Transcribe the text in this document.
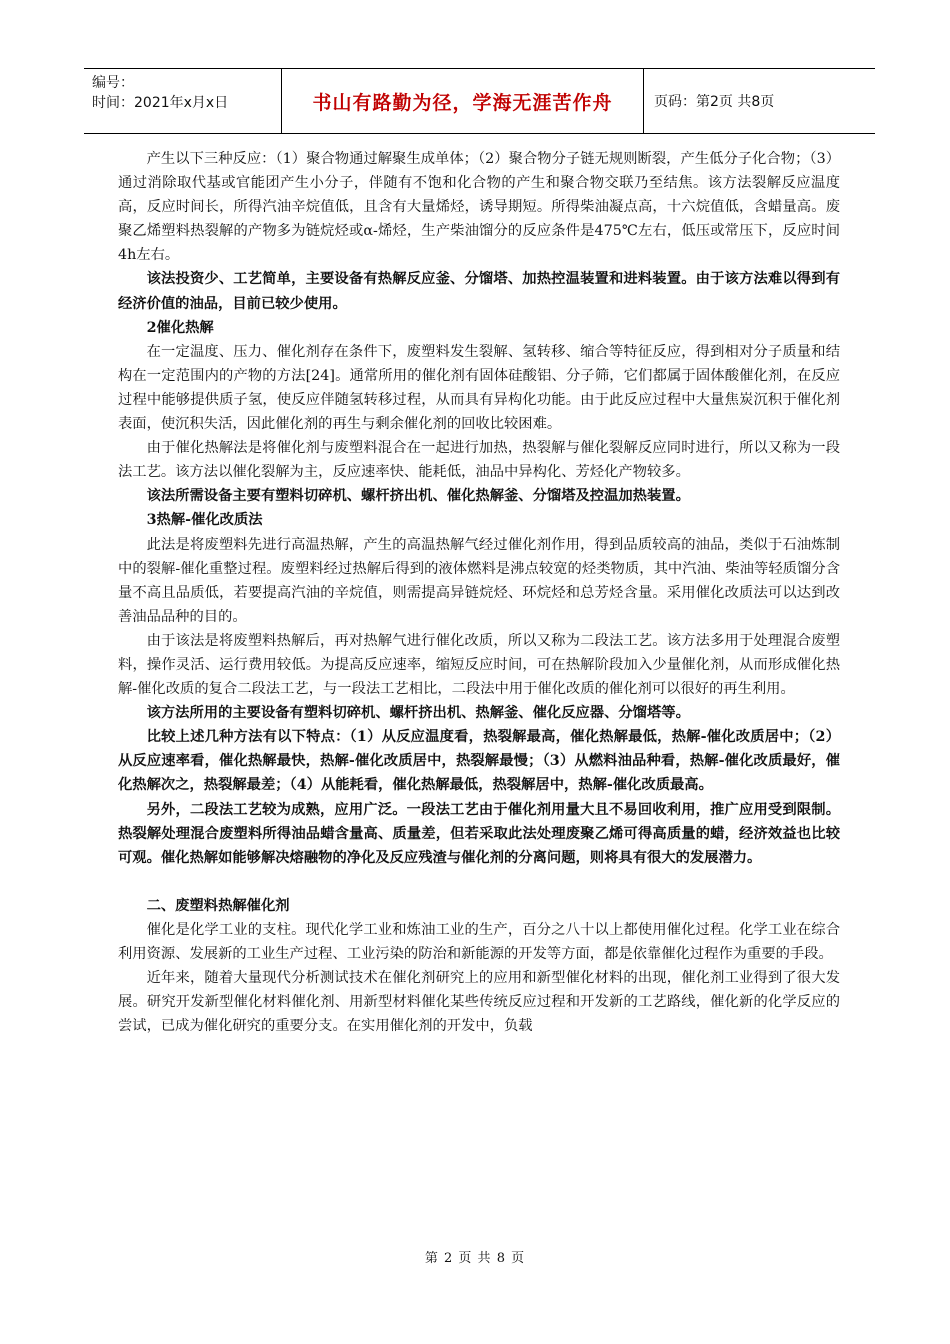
编号：
时间：2021年x月x日	书山有路勤为径，学海无涯苦作舟	页码：第2页 共8页

产生以下三种反应：（1）聚合物通过解聚生成单体；（2）聚合物分子链无规则断裂，产生低分子化合物；（3）通过消除取代基或官能团产生小分子，伴随有不饱和化合物的产生和聚合物交联乃至结焦。该方法裂解反应温度高，反应时间长，所得汽油辛烷值低，且含有大量烯烃，诱导期短。所得柴油凝点高，十六烷值低，含蜡量高。废聚乙烯塑料热裂解的产物多为链烷烃或α-烯烃，生产柴油馏分的反应条件是475℃左右，低压或常压下，反应时间4h左右。

该法投资少、工艺简单，主要设备有热解反应釜、分馏塔、加热控温装置和进料装置。由于该方法难以得到有经济价值的油品，目前已较少使用。

2催化热解

在一定温度、压力、催化剂存在条件下，废塑料发生裂解、氢转移、缩合等特征反应，得到相对分子质量和结构在一定范围内的产物的方法[24]。通常所用的催化剂有固体硅酸铝、分子筛，它们都属于固体酸催化剂，在反应过程中能够提供质子氢，使反应伴随氢转移过程，从而具有异构化功能。由于此反应过程中大量焦炭沉积于催化剂表面，使沉积失活，因此催化剂的再生与剩余催化剂的回收比较困难。

由于催化热解法是将催化剂与废塑料混合在一起进行加热，热裂解与催化裂解反应同时进行，所以又称为一段法工艺。该方法以催化裂解为主，反应速率快、能耗低，油品中异构化、芳烃化产物较多。

该法所需设备主要有塑料切碎机、螺杆挤出机、催化热解釜、分馏塔及控温加热装置。

3热解-催化改质法

此法是将废塑料先进行高温热解，产生的高温热解气经过催化剂作用，得到品质较高的油品，类似于石油炼制中的裂解-催化重整过程。废塑料经过热解后得到的液体燃料是沸点较宽的烃类物质，其中汽油、柴油等轻质馏分含量不高且品质低，若要提高汽油的辛烷值，则需提高异链烷烃、环烷烃和总芳烃含量。采用催化改质法可以达到改善油品品种的目的。

由于该法是将废塑料热解后，再对热解气进行催化改质，所以又称为二段法工艺。该方法多用于处理混合废塑料，操作灵活、运行费用较低。为提高反应速率，缩短反应时间，可在热解阶段加入少量催化剂，从而形成催化热解-催化改质的复合二段法工艺，与一段法工艺相比，二段法中用于催化改质的催化剂可以很好的再生利用。

该方法所用的主要设备有塑料切碎机、螺杆挤出机、热解釜、催化反应器、分馏塔等。

比较上述几种方法有以下特点：（1）从反应温度看，热裂解最高，催化热解最低，热解-催化改质居中；（2）从反应速率看，催化热解最快，热解-催化改质居中，热裂解最慢；（3）从燃料油品种看，热解-催化改质最好，催化热解次之，热裂解最差；（4）从能耗看，催化热解最低，热裂解居中，热解-催化改质最高。

另外，二段法工艺较为成熟，应用广泛。一段法工艺由于催化剂用量大且不易回收利用，推广应用受到限制。热裂解处理混合废塑料所得油品蜡含量高、质量差，但若采取此法处理废聚乙烯可得高质量的蜡，经济效益也比较可观。催化热解如能够解决熔融物的净化及反应残渣与催化剂的分离问题，则将具有很大的发展潜力。

二、废塑料热解催化剂

催化是化学工业的支柱。现代化学工业和炼油工业的生产，百分之八十以上都使用催化过程。化学工业在综合利用资源、发展新的工业生产过程、工业污染的防治和新能源的开发等方面，都是依靠催化过程作为重要的手段。

近年来，随着大量现代分析测试技术在催化剂研究上的应用和新型催化材料的出现，催化剂工业得到了很大发展。研究开发新型催化材料催化剂、用新型材料催化某些传统反应过程和开发新的工艺路线，催化新的化学反应的尝试，已成为催化研究的重要分支。在实用催化剂的开发中，负载

第 2 页 共 8 页
